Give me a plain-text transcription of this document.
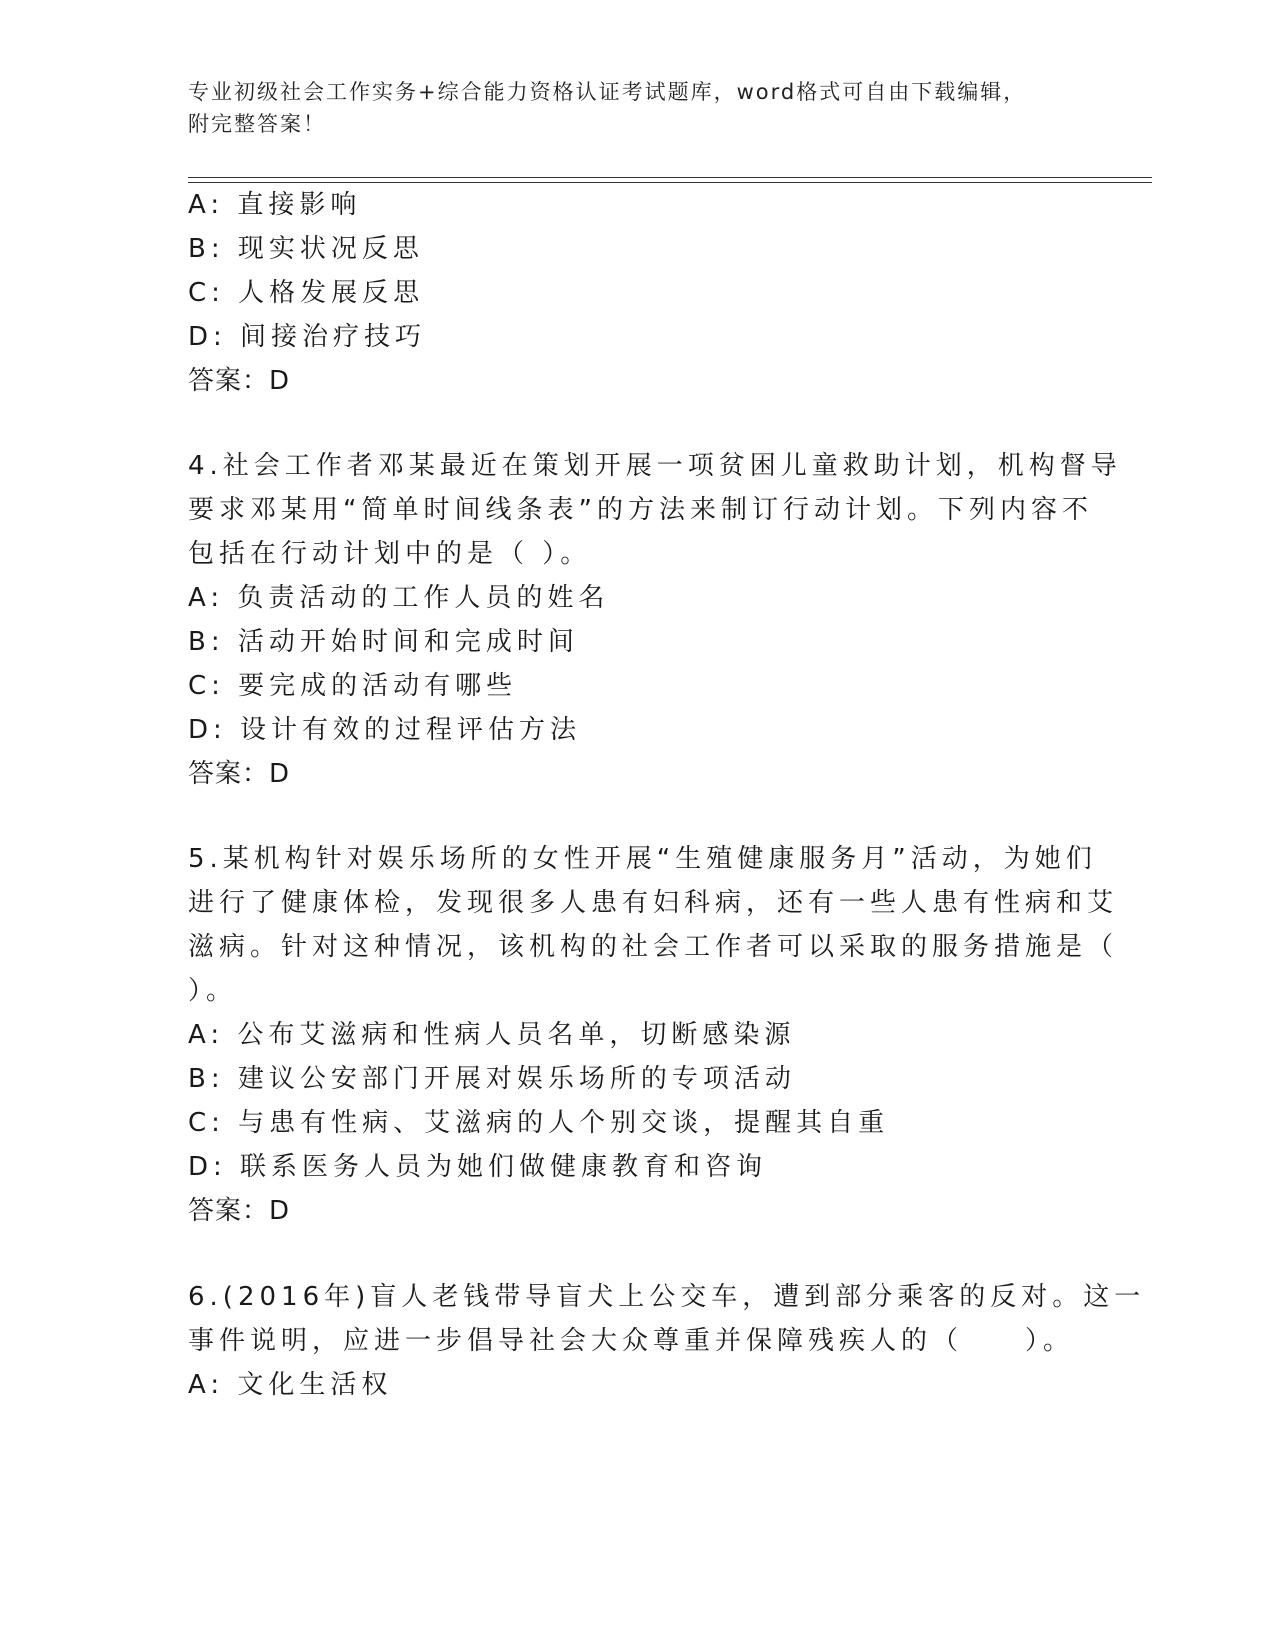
专业初级社会工作实务+综合能力资格认证考试题库，word格式可自由下载编辑，
附完整答案！
A: 直接影响
B: 现实状况反思
C: 人格发展反思
D: 间接治疗技巧
答案：D
4.社会工作者邓某最近在策划开展一项贫困儿童救助计划，机构督导
要求邓某用“简单时间线条表”的方法来制订行动计划。下列内容不
包括在行动计划中的是（ ）。
A: 负责活动的工作人员的姓名
B: 活动开始时间和完成时间
C: 要完成的活动有哪些
D: 设计有效的过程评估方法
答案：D
5.某机构针对娱乐场所的女性开展“生殖健康服务月”活动，为她们
进行了健康体检，发现很多人患有妇科病，还有一些人患有性病和艾
滋病。针对这种情况，该机构的社会工作者可以采取的服务措施是（
）。
A: 公布艾滋病和性病人员名单，切断感染源
B: 建议公安部门开展对娱乐场所的专项活动
C: 与患有性病、艾滋病的人个别交谈，提醒其自重
D: 联系医务人员为她们做健康教育和咨询
答案：D
6.(2016年)盲人老钱带导盲犬上公交车，遭到部分乘客的反对。这一
事件说明，应进一步倡导社会大众尊重并保障残疾人的（　　）。
A: 文化生活权
